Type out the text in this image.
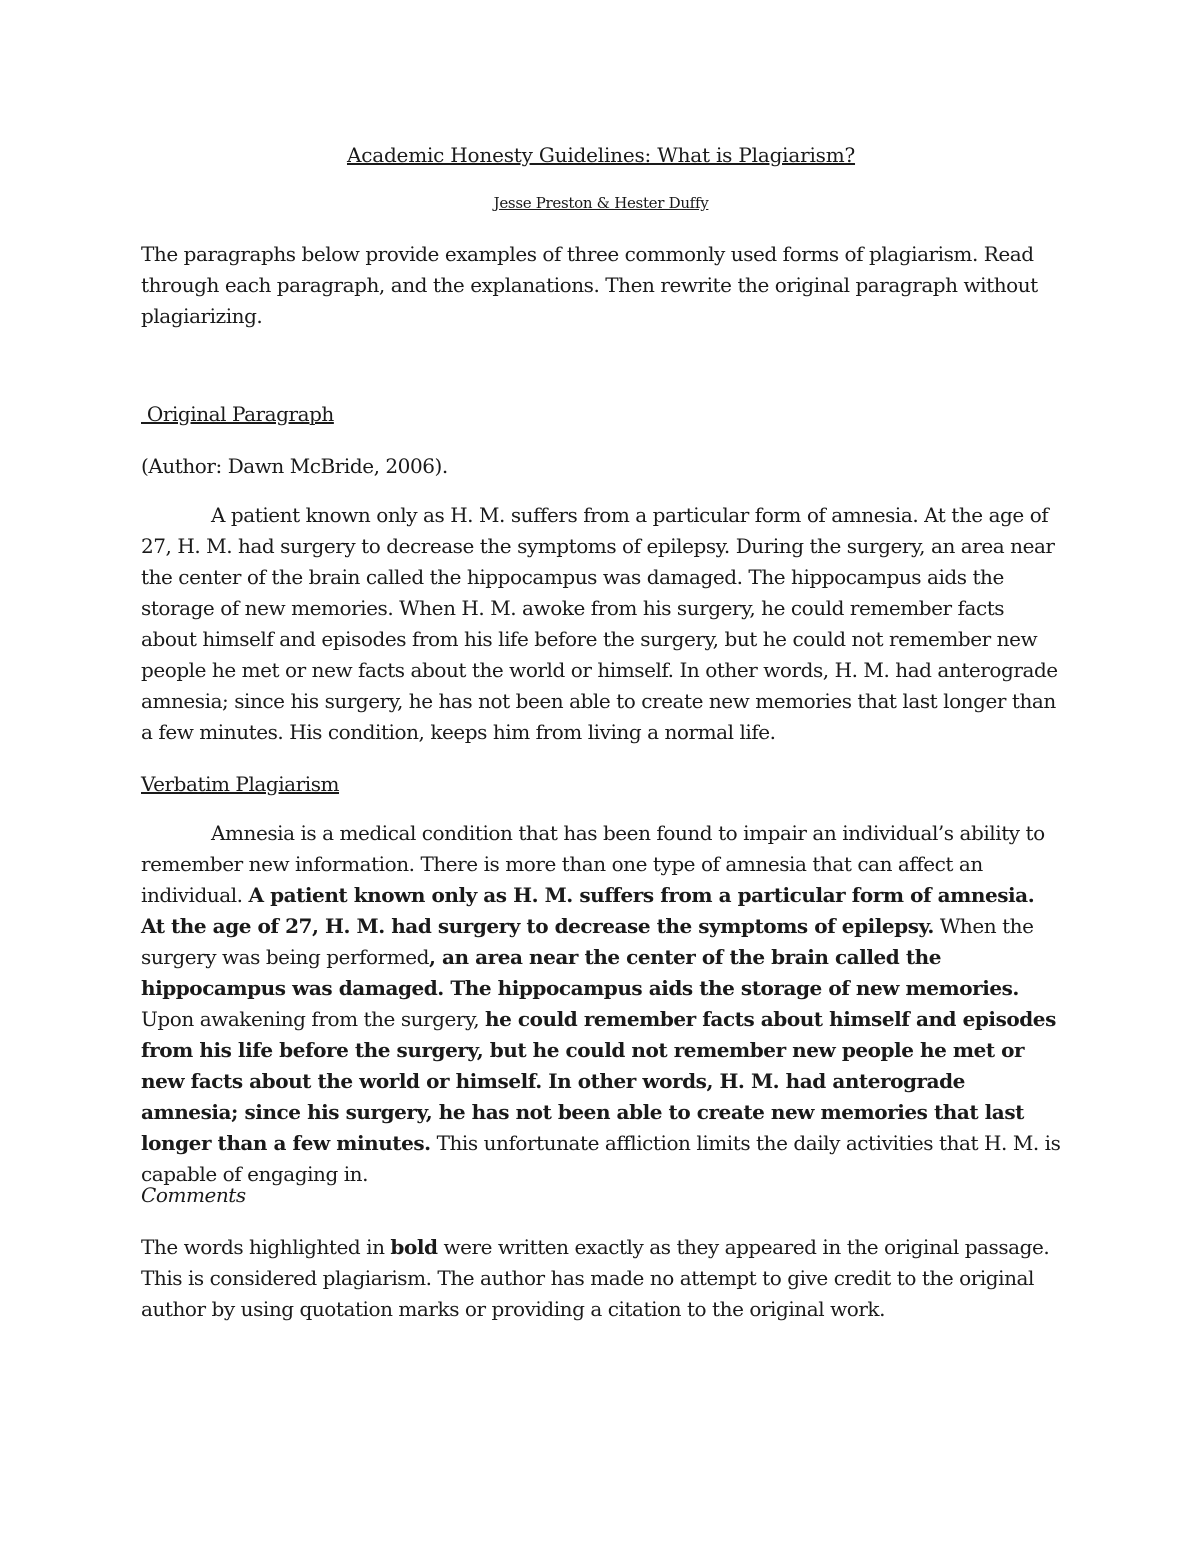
Academic Honesty Guidelines: What is Plagiarism?
Jesse Preston & Hester Duffy
The paragraphs below provide examples of three commonly used forms of plagiarism. Read through each paragraph, and the explanations. Then rewrite the original paragraph without plagiarizing.
Original Paragraph
(Author: Dawn McBride, 2006).
A patient known only as H. M. suffers from a particular form of amnesia. At the age of 27, H. M. had surgery to decrease the symptoms of epilepsy. During the surgery, an area near the center of the brain called the hippocampus was damaged. The hippocampus aids the storage of new memories. When H. M. awoke from his surgery, he could remember facts about himself and episodes from his life before the surgery, but he could not remember new people he met or new facts about the world or himself. In other words, H. M. had anterograde amnesia; since his surgery, he has not been able to create new memories that last longer than a few minutes. His condition, keeps him from living a normal life.
Verbatim Plagiarism
Amnesia is a medical condition that has been found to impair an individual’s ability to remember new information. There is more than one type of amnesia that can affect an individual. A patient known only as H. M. suffers from a particular form of amnesia. At the age of 27, H. M. had surgery to decrease the symptoms of epilepsy. When the surgery was being performed, an area near the center of the brain called the hippocampus was damaged. The hippocampus aids the storage of new memories. Upon awakening from the surgery, he could remember facts about himself and episodes from his life before the surgery, but he could not remember new people he met or new facts about the world or himself. In other words, H. M. had anterograde amnesia; since his surgery, he has not been able to create new memories that last longer than a few minutes. This unfortunate affliction limits the daily activities that H. M. is capable of engaging in.
Comments
The words highlighted in bold were written exactly as they appeared in the original passage. This is considered plagiarism. The author has made no attempt to give credit to the original author by using quotation marks or providing a citation to the original work.
